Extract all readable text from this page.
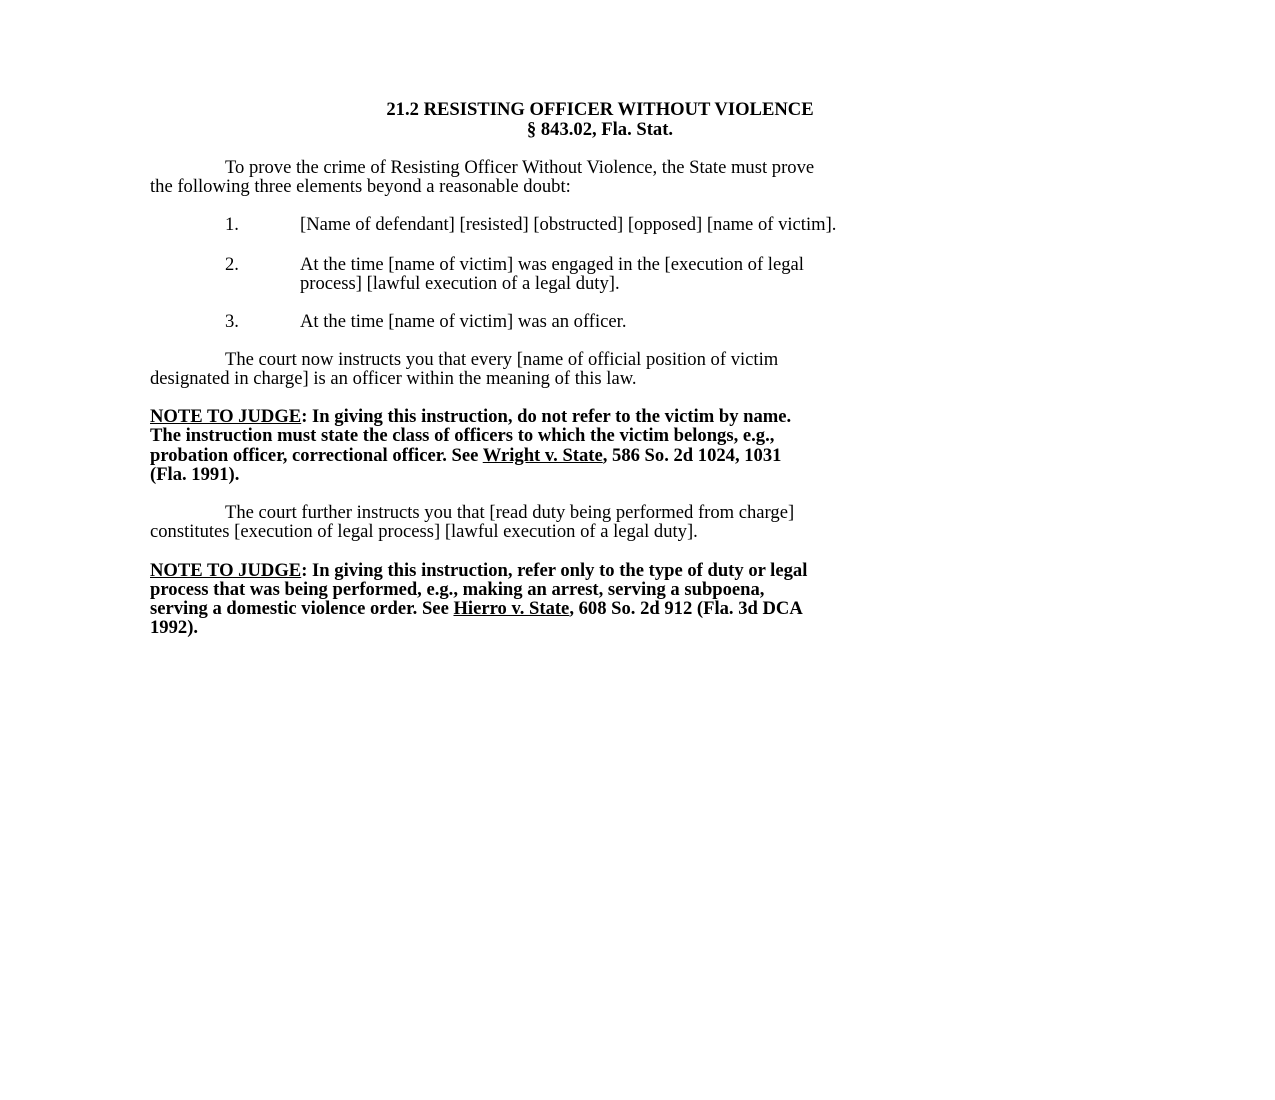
21.2 RESISTING OFFICER WITHOUT VIOLENCE
§ 843.02, Fla. Stat.
To prove the crime of Resisting Officer Without Violence, the State must prove
the following three elements beyond a reasonable doubt:
1.	[Name of defendant] [resisted] [obstructed] [opposed] [name of victim].
2.	At the time [name of victim] was engaged in the [execution of legal
process] [lawful execution of a legal duty].
3.	At the time [name of victim] was an officer.
The court now instructs you that every [name of official position of victim
designated in charge] is an officer within the meaning of this law.
NOTE TO JUDGE: In giving this instruction, do not refer to the victim by name.
The instruction must state the class of officers to which the victim belongs, e.g.,
probation officer, correctional officer. See Wright v. State, 586 So. 2d 1024, 1031
(Fla. 1991).
The court further instructs you that [read duty being performed from charge]
constitutes [execution of legal process] [lawful execution of a legal duty].
NOTE TO JUDGE: In giving this instruction, refer only to the type of duty or legal
process that was being performed, e.g., making an arrest, serving a subpoena,
serving a domestic violence order. See Hierro v. State, 608 So. 2d 912 (Fla. 3d DCA
1992).
